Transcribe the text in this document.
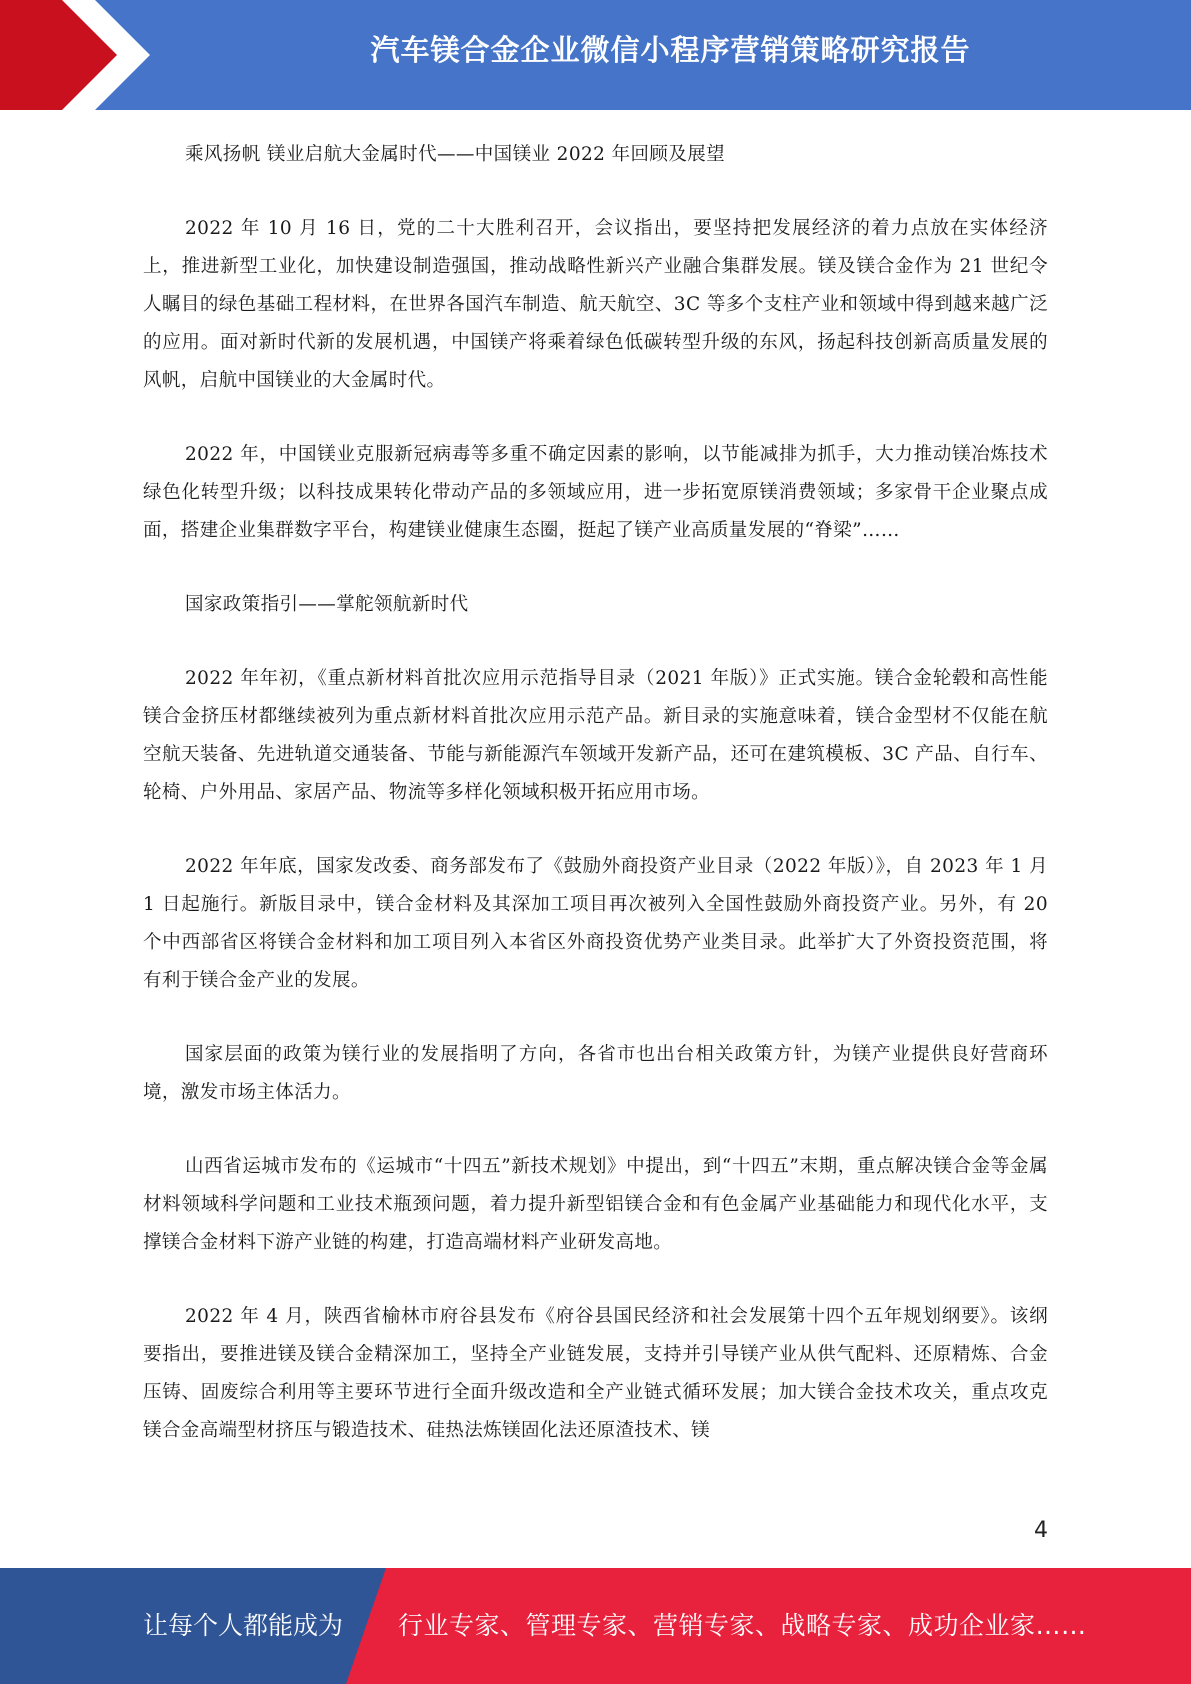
汽车镁合金企业微信小程序营销策略研究报告

乘风扬帆 镁业启航大金属时代——中国镁业 2022 年回顾及展望

2022 年 10 月 16 日，党的二十大胜利召开，会议指出，要坚持把发展经济的着力点放在实体经济上，推进新型工业化，加快建设制造强国，推动战略性新兴产业融合集群发展。镁及镁合金作为 21 世纪令人瞩目的绿色基础工程材料，在世界各国汽车制造、航天航空、3C 等多个支柱产业和领域中得到越来越广泛的应用。面对新时代新的发展机遇，中国镁产将乘着绿色低碳转型升级的东风，扬起科技创新高质量发展的风帆，启航中国镁业的大金属时代。

2022 年，中国镁业克服新冠病毒等多重不确定因素的影响，以节能减排为抓手，大力推动镁冶炼技术绿色化转型升级；以科技成果转化带动产品的多领域应用，进一步拓宽原镁消费领域；多家骨干企业聚点成面，搭建企业集群数字平台，构建镁业健康生态圈，挺起了镁产业高质量发展的“脊梁”……

国家政策指引——掌舵领航新时代

2022 年年初，《重点新材料首批次应用示范指导目录（2021 年版）》正式实施。镁合金轮毂和高性能镁合金挤压材都继续被列为重点新材料首批次应用示范产品。新目录的实施意味着，镁合金型材不仅能在航空航天装备、先进轨道交通装备、节能与新能源汽车领域开发新产品，还可在建筑模板、3C 产品、自行车、轮椅、户外用品、家居产品、物流等多样化领域积极开拓应用市场。

2022 年年底，国家发改委、商务部发布了《鼓励外商投资产业目录（2022 年版）》，自 2023 年 1 月 1 日起施行。新版目录中，镁合金材料及其深加工项目再次被列入全国性鼓励外商投资产业。另外，有 20 个中西部省区将镁合金材料和加工项目列入本省区外商投资优势产业类目录。此举扩大了外资投资范围，将有利于镁合金产业的发展。

国家层面的政策为镁行业的发展指明了方向，各省市也出台相关政策方针，为镁产业提供良好营商环境，激发市场主体活力。

山西省运城市发布的《运城市“十四五”新技术规划》中提出，到“十四五”末期，重点解决镁合金等金属材料领域科学问题和工业技术瓶颈问题，着力提升新型铝镁合金和有色金属产业基础能力和现代化水平，支撑镁合金材料下游产业链的构建，打造高端材料产业研发高地。

2022 年 4 月，陕西省榆林市府谷县发布《府谷县国民经济和社会发展第十四个五年规划纲要》。该纲要指出，要推进镁及镁合金精深加工，坚持全产业链发展，支持并引导镁产业从供气配料、还原精炼、合金压铸、固废综合利用等主要环节进行全面升级改造和全产业链式循环发展；加大镁合金技术攻关，重点攻克镁合金高端型材挤压与锻造技术、硅热法炼镁固化法还原渣技术、镁

4
让每个人都能成为 行业专家、管理专家、营销专家、战略专家、成功企业家……
